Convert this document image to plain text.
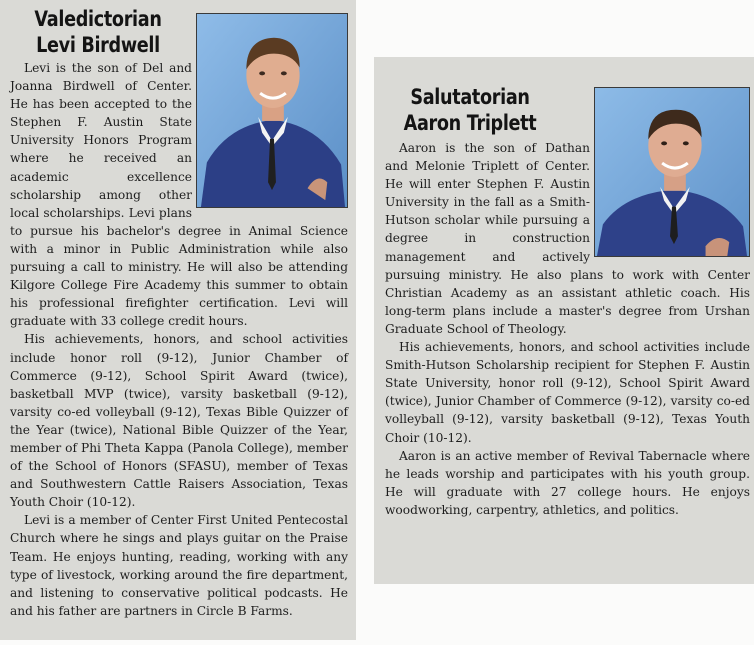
Valedictorian
Levi Birdwell

Levi is the son of Del and Joanna Birdwell of Center. He has been accepted to the Stephen F. Austin State University Honors Program where he received an academic excellence scholarship among other local scholarships. Levi plans to pursue his bachelor's degree in Animal Science with a minor in Public Administration while also pursuing a call to ministry. He will also be attending Kilgore College Fire Academy this summer to obtain his professional firefighter certification. Levi will graduate with 33 college credit hours.

His achievements, honors, and school activities include honor roll (9-12), Junior Chamber of Commerce (9-12), School Spirit Award (twice), basketball MVP (twice), varsity basketball (9-12), varsity co-ed volleyball (9-12), Texas Bible Quizzer of the Year (twice), National Bible Quizzer of the Year, member of Phi Theta Kappa (Panola College), member of the School of Honors (SFASU), member of Texas and Southwestern Cattle Raisers Association, Texas Youth Choir (10-12).

Levi is a member of Center First United Pentecostal Church where he sings and plays guitar on the Praise Team. He enjoys hunting, reading, working with any type of livestock, working around the fire department, and listening to conservative political podcasts. He and his father are partners in Circle B Farms.

Salutatorian
Aaron Triplett

Aaron is the son of Dathan and Melonie Triplett of Center. He will enter Stephen F. Austin University in the fall as a Smith-Hutson scholar while pursuing a degree in construction management and actively pursuing ministry. He also plans to work with Center Christian Academy as an assistant athletic coach. His long-term plans include a master's degree from Urshan Graduate School of Theology.

His achievements, honors, and school activities include Smith-Hutson Scholarship recipient for Stephen F. Austin State University, honor roll (9-12), School Spirit Award (twice), Junior Chamber of Commerce (9-12), varsity co-ed volleyball (9-12), varsity basketball (9-12), Texas Youth Choir (10-12).

Aaron is an active member of Revival Tabernacle where he leads worship and participates with his youth group. He will graduate with 27 college hours. He enjoys woodworking, carpentry, athletics, and politics.
